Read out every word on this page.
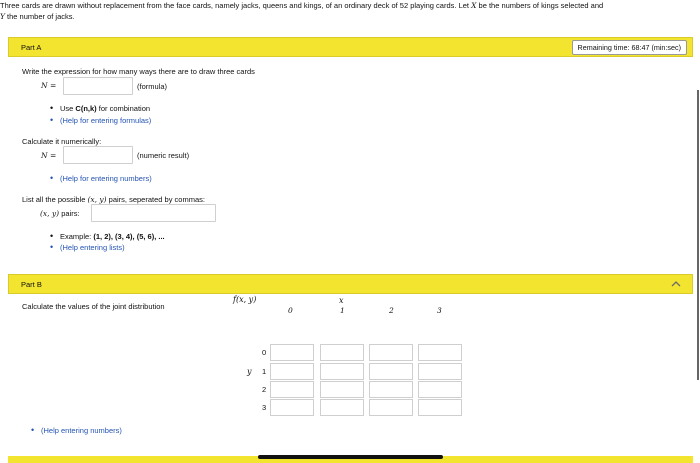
Three cards are drawn without replacement from the face cards, namely jacks, queens and kings, of an ordinary deck of 52 playing cards. Let X be the numbers of kings selected and
Y the number of jacks.
Part A	Remaining time: 68:47 (min:sec)
Write the expression for how many ways there are to draw three cards
N =	(formula)
• Use C(n,k) for combination
• (Help for entering formulas)
Calculate it numerically:
N =	(numeric result)
• (Help for entering numbers)
List all the possible (x, y) pairs, seperated by commas:
(x, y) pairs:
• Example: (1, 2), (3, 4), (5, 6), ...
• (Help entering lists)
Part B
Calculate the values of the joint distribution
f(x, y)	x
y
0	1	2	3
0
1
2
3
• (Help entering numbers)
